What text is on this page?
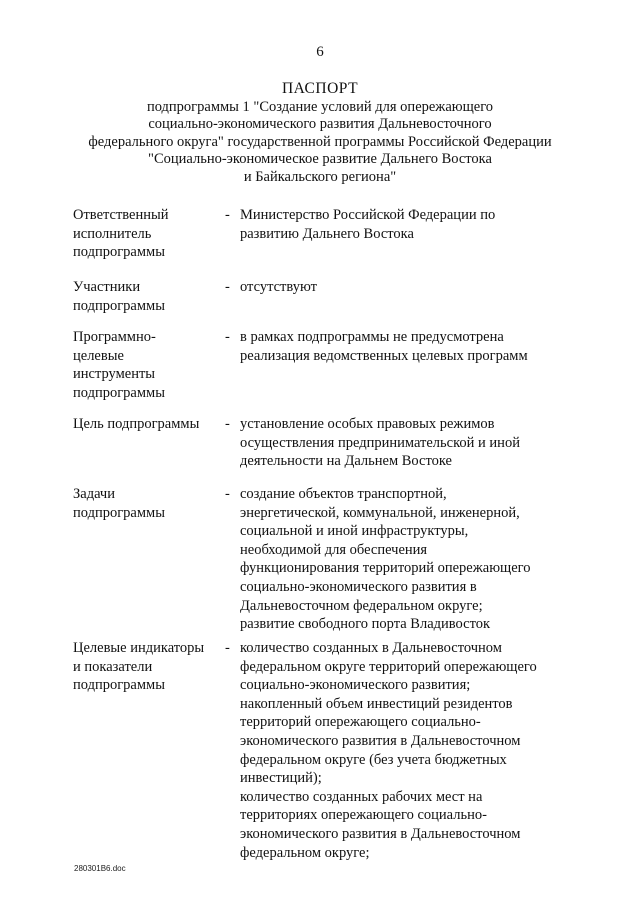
6
ПАСПОРТ
подпрограммы 1 "Создание условий для опережающего
социально-экономического развития Дальневосточного
федерального округа" государственной программы Российской Федерации
"Социально-экономическое развитие Дальнего Востока
и Байкальского региона"
Ответственный
исполнитель
подпрограммы
- Министерство Российской Федерации по
развитию Дальнего Востока
Участники
подпрограммы
- отсутствуют
Программно-
целевые
инструменты
подпрограммы
- в рамках подпрограммы не предусмотрена
реализация ведомственных целевых программ
Цель подпрограммы	- установление особых правовых режимов
осуществления предпринимательской и иной
деятельности на Дальнем Востоке
Задачи
подпрограммы
- создание объектов транспортной,
энергетической, коммунальной, инженерной,
социальной и иной инфраструктуры,
необходимой для обеспечения
функционирования территорий опережающего
социально-экономического развития в
Дальневосточном федеральном округе;
развитие свободного порта Владивосток
Целевые индикаторы
и показатели
подпрограммы
- количество созданных в Дальневосточном
федеральном округе территорий опережающего
социально-экономического развития;
накопленный объем инвестиций резидентов
территорий опережающего социально-
экономического развития в Дальневосточном
федеральном округе (без учета бюджетных
инвестиций);
количество созданных рабочих мест на
территориях опережающего социально-
экономического развития в Дальневосточном
федеральном округе;
280301В6.doc
